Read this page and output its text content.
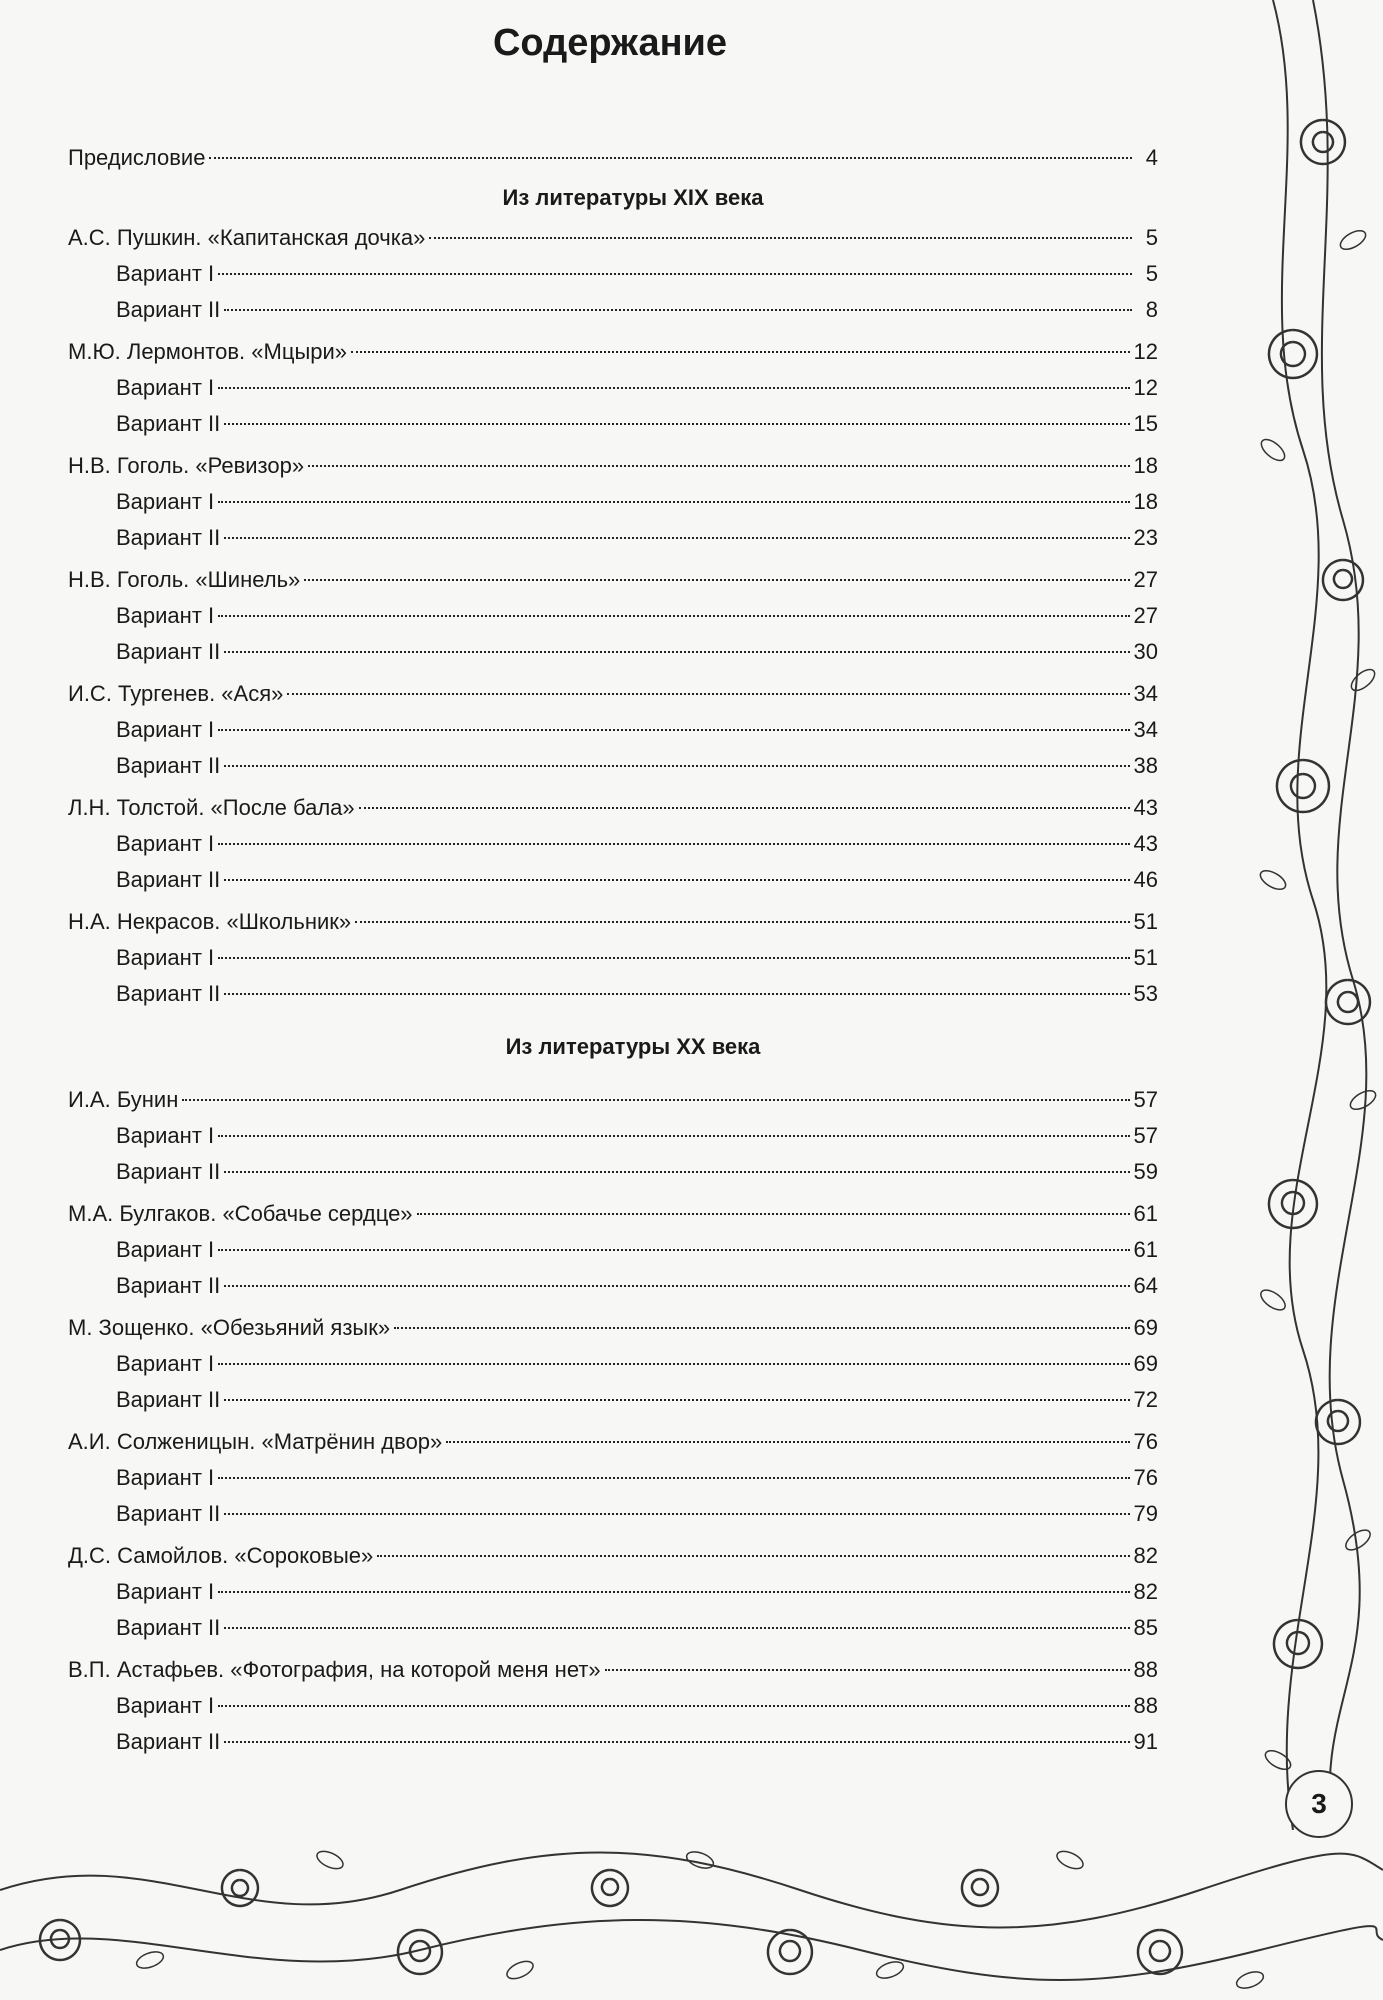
Содержание
Предисловие	4
Из литературы XIX века
А.С. Пушкин. «Капитанская дочка»	5
Вариант I	5
Вариант II	8
М.Ю. Лермонтов. «Мцыри»	12
Вариант I	12
Вариант II	15
Н.В. Гоголь. «Ревизор»	18
Вариант I	18
Вариант II	23
Н.В. Гоголь. «Шинель»	27
Вариант I	27
Вариант II	30
И.С. Тургенев. «Ася»	34
Вариант I	34
Вариант II	38
Л.Н. Толстой. «После бала»	43
Вариант I	43
Вариант II	46
Н.А. Некрасов. «Школьник»	51
Вариант I	51
Вариант II	53
Из литературы XX века
И.А. Бунин	57
Вариант I	57
Вариант II	59
М.А. Булгаков. «Собачье сердце»	61
Вариант I	61
Вариант II	64
М. Зощенко. «Обезьяний язык»	69
Вариант I	69
Вариант II	72
А.И. Солженицын. «Матрёнин двор»	76
Вариант I	76
Вариант II	79
Д.С. Самойлов. «Сороковые»	82
Вариант I	82
Вариант II	85
В.П. Астафьев. «Фотография, на которой меня нет»	88
Вариант I	88
Вариант II	91
3
